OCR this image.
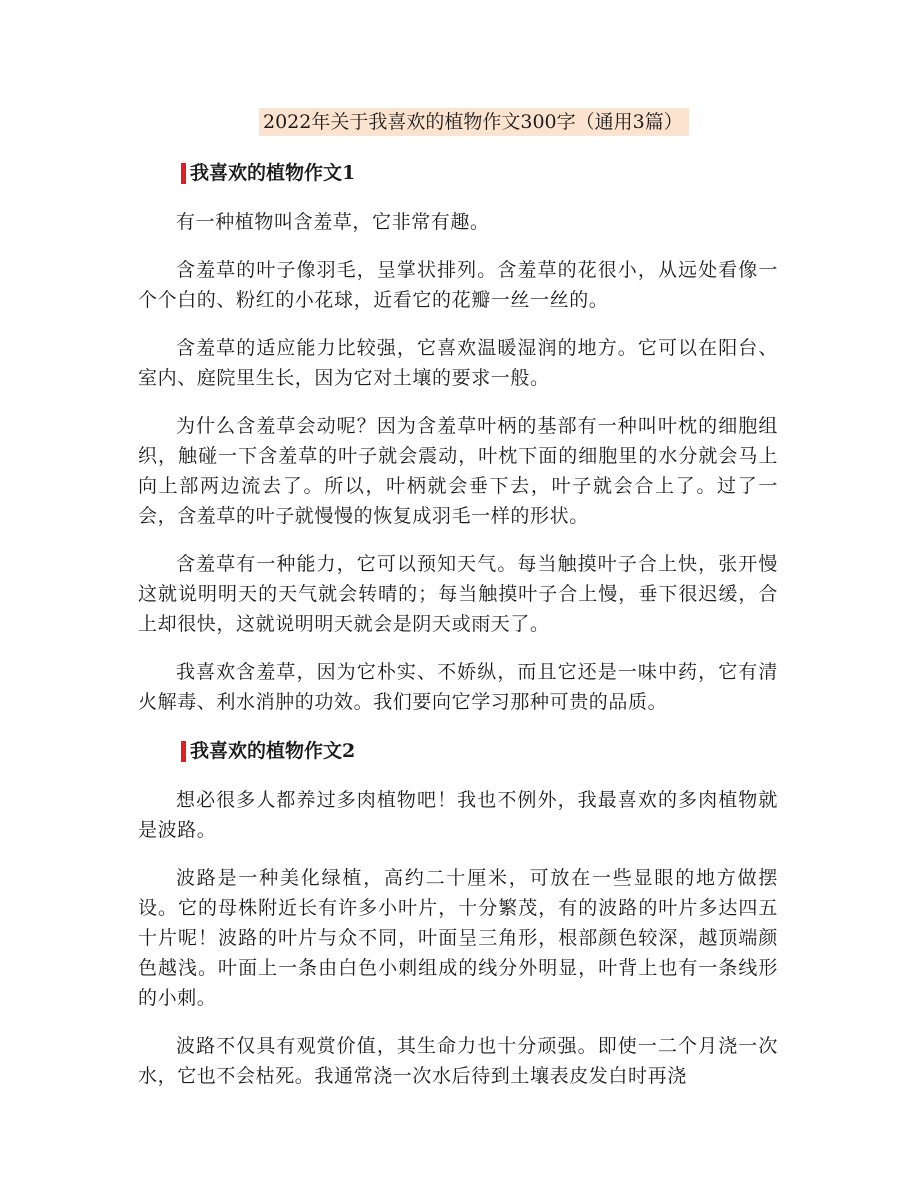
2022年关于我喜欢的植物作文300字（通用3篇）
我喜欢的植物作文1

有一种植物叫含羞草，它非常有趣。

含羞草的叶子像羽毛，呈掌状排列。含羞草的花很小，从远处看像一个个白的、粉红的小花球，近看它的花瓣一丝一丝的。

含羞草的适应能力比较强，它喜欢温暖湿润的地方。它可以在阳台、室内、庭院里生长，因为它对土壤的要求一般。

为什么含羞草会动呢？因为含羞草叶柄的基部有一种叫叶枕的细胞组织，触碰一下含羞草的叶子就会震动，叶枕下面的细胞里的水分就会马上向上部两边流去了。所以，叶柄就会垂下去，叶子就会合上了。过了一会，含羞草的叶子就慢慢的恢复成羽毛一样的形状。

含羞草有一种能力，它可以预知天气。每当触摸叶子合上快，张开慢这就说明明天的天气就会转晴的；每当触摸叶子合上慢，垂下很迟缓，合上却很快，这就说明明天就会是阴天或雨天了。

我喜欢含羞草，因为它朴实、不娇纵，而且它还是一味中药，它有清火解毒、利水消肿的功效。我们要向它学习那种可贵的品质。

我喜欢的植物作文2

想必很多人都养过多肉植物吧！我也不例外，我最喜欢的多肉植物就是波路。

波路是一种美化绿植，高约二十厘米，可放在一些显眼的地方做摆设。它的母株附近长有许多小叶片，十分繁茂，有的波路的叶片多达四五十片呢！波路的叶片与众不同，叶面呈三角形，根部颜色较深，越顶端颜色越浅。叶面上一条由白色小刺组成的线分外明显，叶背上也有一条线形的小刺。

波路不仅具有观赏价值，其生命力也十分顽强。即使一二个月浇一次水，它也不会枯死。我通常浇一次水后待到土壤表皮发白时再浇
